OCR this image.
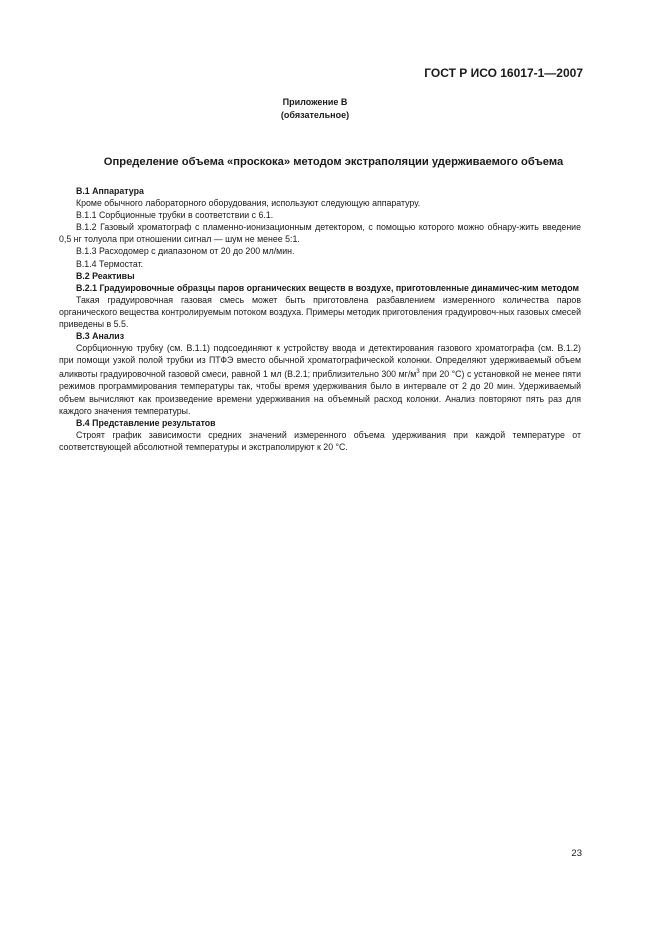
ГОСТ Р ИСО 16017-1—2007
Приложение В
(обязательное)
Определение объема «проскока» методом экстраполяции удерживаемого объема

В.1 Аппаратура

Кроме обычного лабораторного оборудования, используют следующую аппаратуру.

В.1.1 Сорбционные трубки в соответствии с 6.1.

В.1.2 Газовый хроматограф с пламенно-ионизационным детектором, с помощью которого можно обнару-жить введение 0,5 нг толуола при отношении сигнал — шум не менее 5:1.

В.1.3 Расходомер с диапазоном от 20 до 200 мл/мин.

В.1.4 Термостат.

В.2 Реактивы

В.2.1 Градуировочные образцы паров органических веществ в воздухе, приготовленные динамичес-ким методом

Такая градуировочная газовая смесь может быть приготовлена разбавлением измеренного количества паров органического вещества контролируемым потоком воздуха. Примеры методик приготовления градуировоч-ных газовых смесей приведены в 5.5.

В.3 Анализ

Сорбционную трубку (см. В.1.1) подсоединяют к устройству ввода и детектирования газового хроматографа (см. В.1.2) при помощи узкой полой трубки из ПТФЭ вместо обычной хроматографической колонки. Определяют удерживаемый объем аликвоты градуировочной газовой смеси, равной 1 мл (В.2.1; приблизительно 300 $мг/м^3$ при 20 °С) с установкой не менее пяти режимов программирования температуры так, чтобы время удерживания было в интервале от 2 до 20 мин. Удерживаемый объем вычисляют как произведение времени удерживания на объемный расход колонки. Анализ повторяют пять раз для каждого значения температуры.

В.4 Представление результатов

Строят график зависимости средних значений измеренного объема удерживания при каждой температуре от соответствующей абсолютной температуры и экстраполируют к 20 °С.

23
